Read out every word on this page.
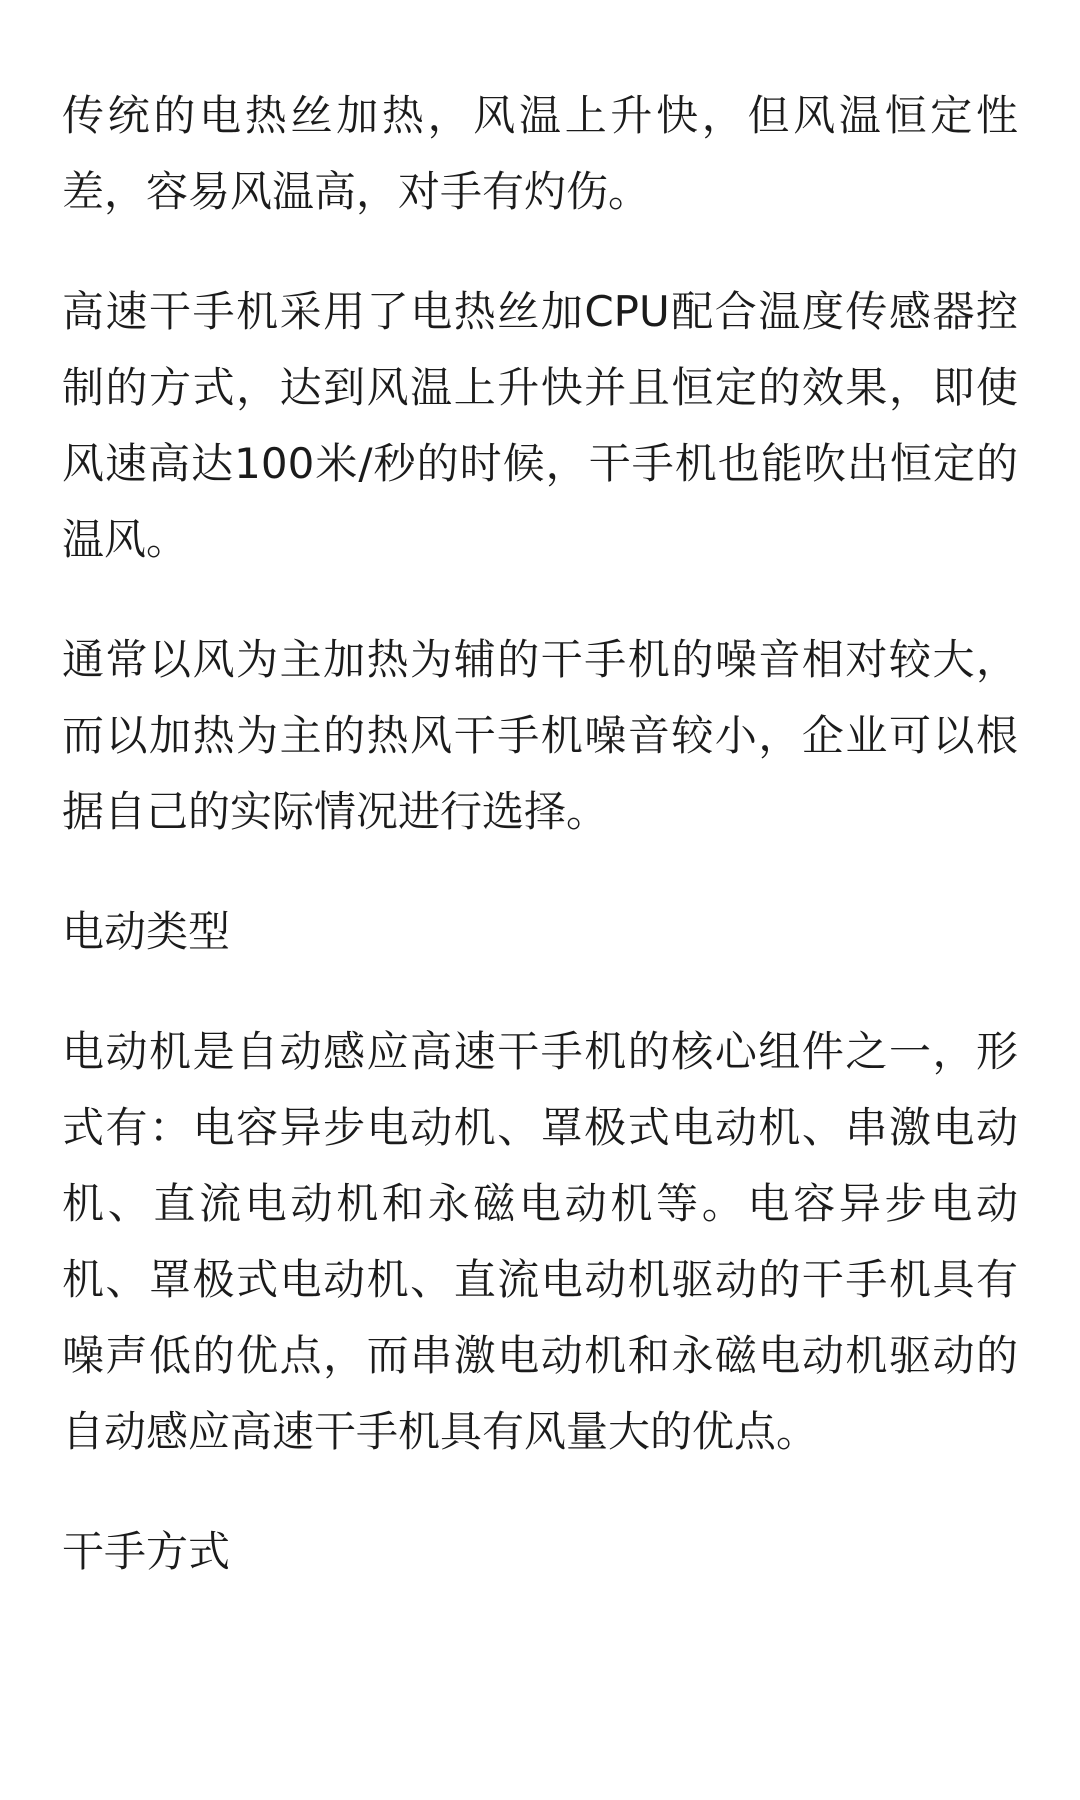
传统的电热丝加热，风温上升快，但风温恒定性差，容易风温高，对手有灼伤。

高速干手机采用了电热丝加CPU配合温度传感器控制的方式，达到风温上升快并且恒定的效果，即使风速高达100米/秒的时候，干手机也能吹出恒定的温风。

通常以风为主加热为辅的干手机的噪音相对较大，而以加热为主的热风干手机噪音较小，企业可以根据自己的实际情况进行选择。

电动类型

电动机是自动感应高速干手机的核心组件之一，形式有：电容异步电动机、罩极式电动机、串激电动机、直流电动机和永磁电动机等。电容异步电动机、罩极式电动机、直流电动机驱动的干手机具有噪声低的优点，而串激电动机和永磁电动机驱动的自动感应高速干手机具有风量大的优点。

干手方式
